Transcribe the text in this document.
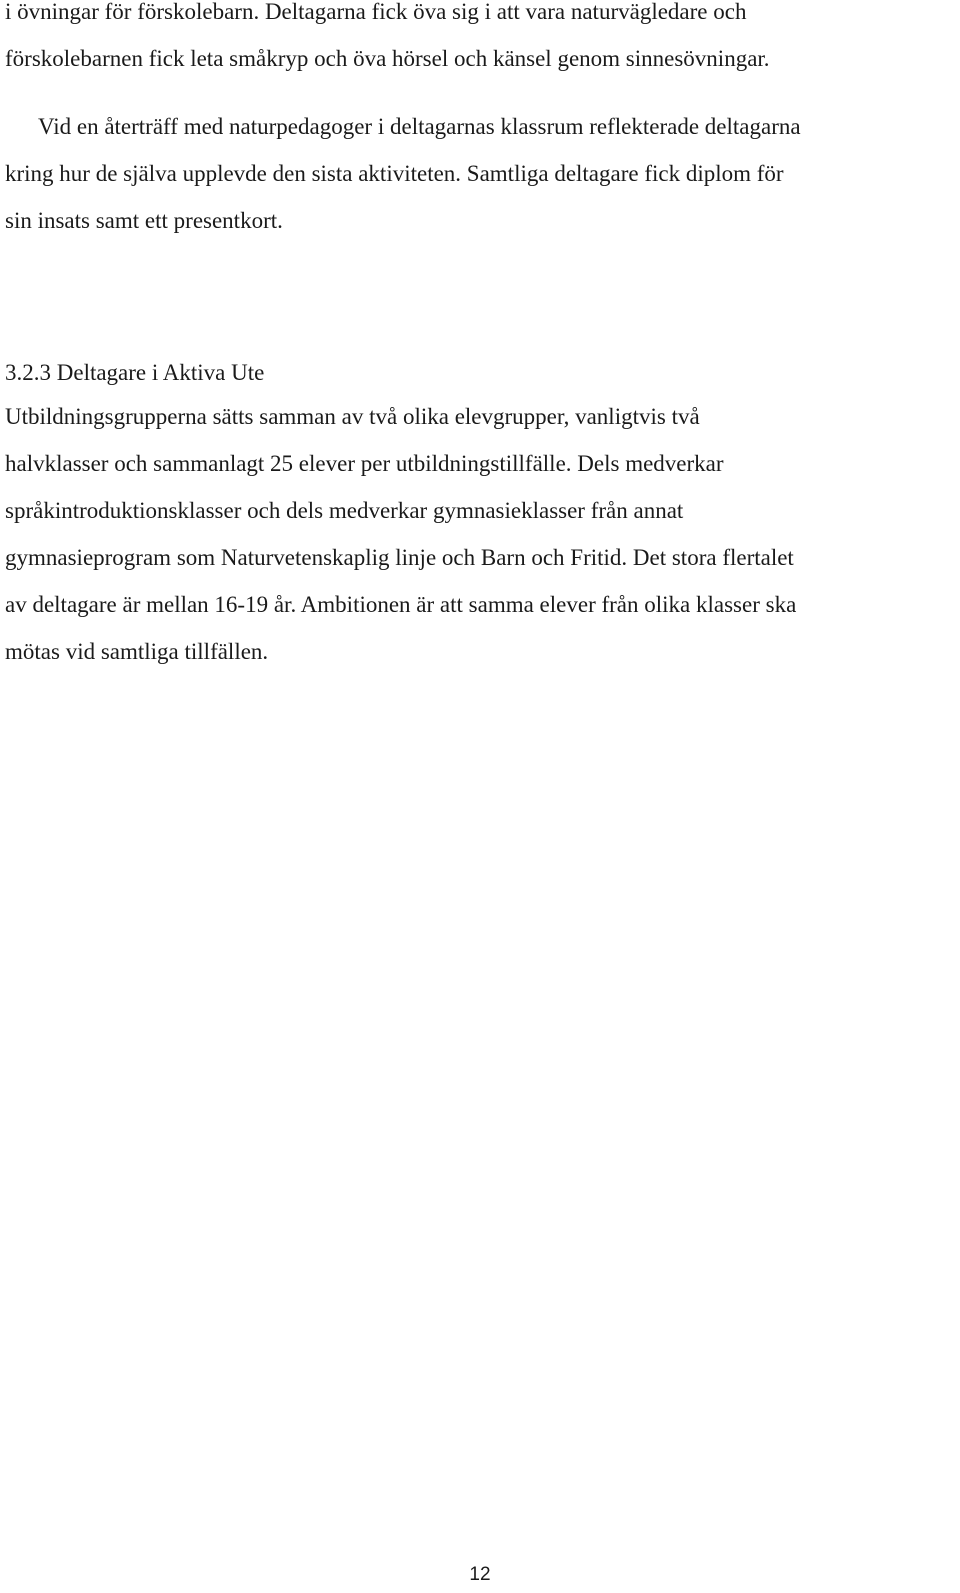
i övningar för förskolebarn. Deltagarna fick öva sig i att vara naturvägledare och
förskolebarnen fick leta småkryp och öva hörsel och känsel genom sinnesövningar.

Vid en återträff med naturpedagoger i deltagarnas klassrum reflekterade deltagarna
kring hur de själva upplevde den sista aktiviteten. Samtliga deltagare fick diplom för
sin insats samt ett presentkort.

3.2.3 Deltagare i Aktiva Ute

Utbildningsgrupperna sätts samman av två olika elevgrupper, vanligtvis två
halvklasser och sammanlagt 25 elever per utbildningstillfälle. Dels medverkar
språkintroduktionsklasser och dels medverkar gymnasieklasser från annat
gymnasieprogram som Naturvetenskaplig linje och Barn och Fritid. Det stora flertalet
av deltagare är mellan 16-19 år. Ambitionen är att samma elever från olika klasser ska
mötas vid samtliga tillfällen.

12
